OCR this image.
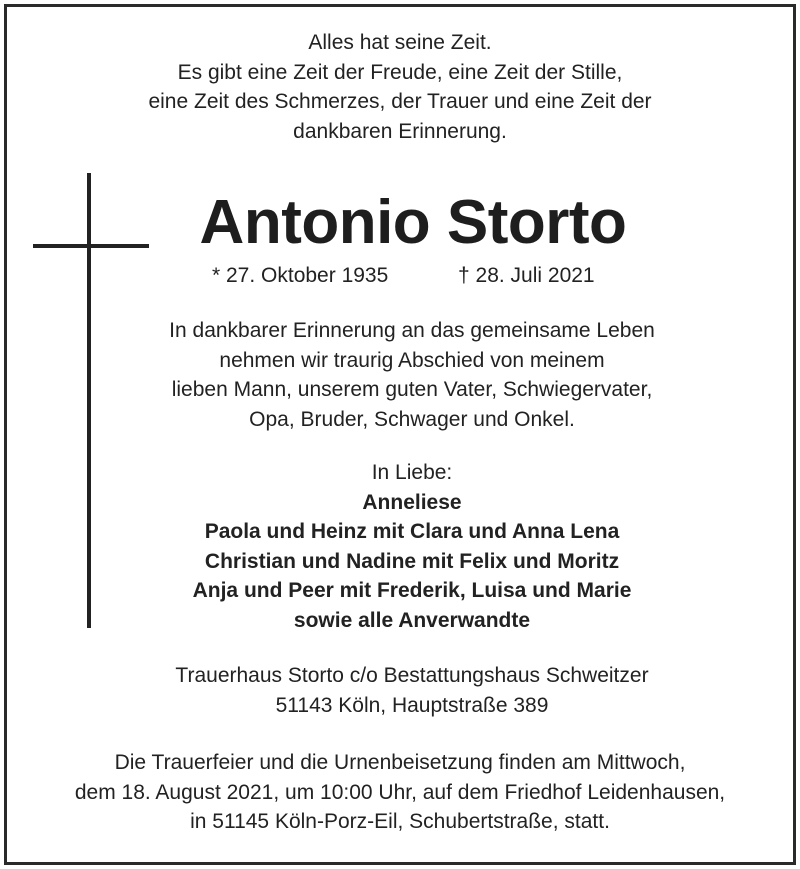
Alles hat seine Zeit.
Es gibt eine Zeit der Freude, eine Zeit der Stille,
eine Zeit des Schmerzes, der Trauer und eine Zeit der
dankbaren Erinnerung.
Antonio Storto
* 27. Oktober 1935	† 28. Juli 2021
In dankbarer Erinnerung an das gemeinsame Leben
nehmen wir traurig Abschied von meinem
lieben Mann, unserem guten Vater, Schwiegervater,
Opa, Bruder, Schwager und Onkel.
In Liebe:
Anneliese
Paola und Heinz mit Clara und Anna Lena
Christian und Nadine mit Felix und Moritz
Anja und Peer mit Frederik, Luisa und Marie
sowie alle Anverwandte
Trauerhaus Storto c/o Bestattungshaus Schweitzer
51143 Köln, Hauptstraße 389
Die Trauerfeier und die Urnenbeisetzung finden am Mittwoch,
dem 18. August 2021, um 10:00 Uhr, auf dem Friedhof Leidenhausen,
in 51145 Köln-Porz-Eil, Schubertstraße, statt.
